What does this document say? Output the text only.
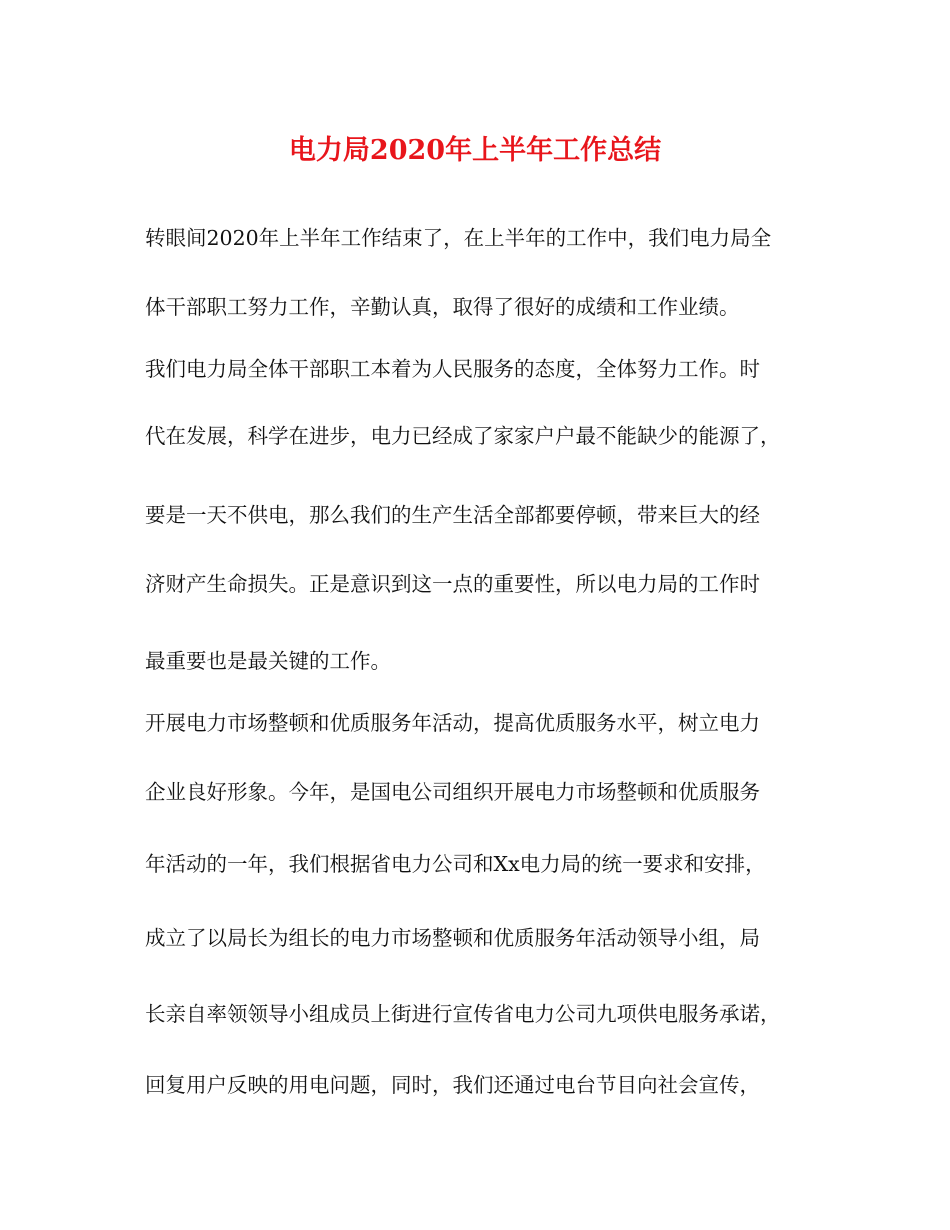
电力局2020年上半年工作总结
转眼间2020年上半年工作结束了，在上半年的工作中，我们电力局全
体干部职工努力工作，辛勤认真，取得了很好的成绩和工作业绩。
我们电力局全体干部职工本着为人民服务的态度，全体努力工作。时
代在发展，科学在进步，电力已经成了家家户户最不能缺少的能源了，
要是一天不供电，那么我们的生产生活全部都要停顿，带来巨大的经
济财产生命损失。正是意识到这一点的重要性，所以电力局的工作时
最重要也是最关键的工作。
开展电力市场整顿和优质服务年活动，提高优质服务水平，树立电力
企业良好形象。今年，是国电公司组织开展电力市场整顿和优质服务
年活动的一年，我们根据省电力公司和Xx电力局的统一要求和安排，
成立了以局长为组长的电力市场整顿和优质服务年活动领导小组，局
长亲自率领领导小组成员上街进行宣传省电力公司九项供电服务承诺，
回复用户反映的用电问题，同时，我们还通过电台节目向社会宣传，
